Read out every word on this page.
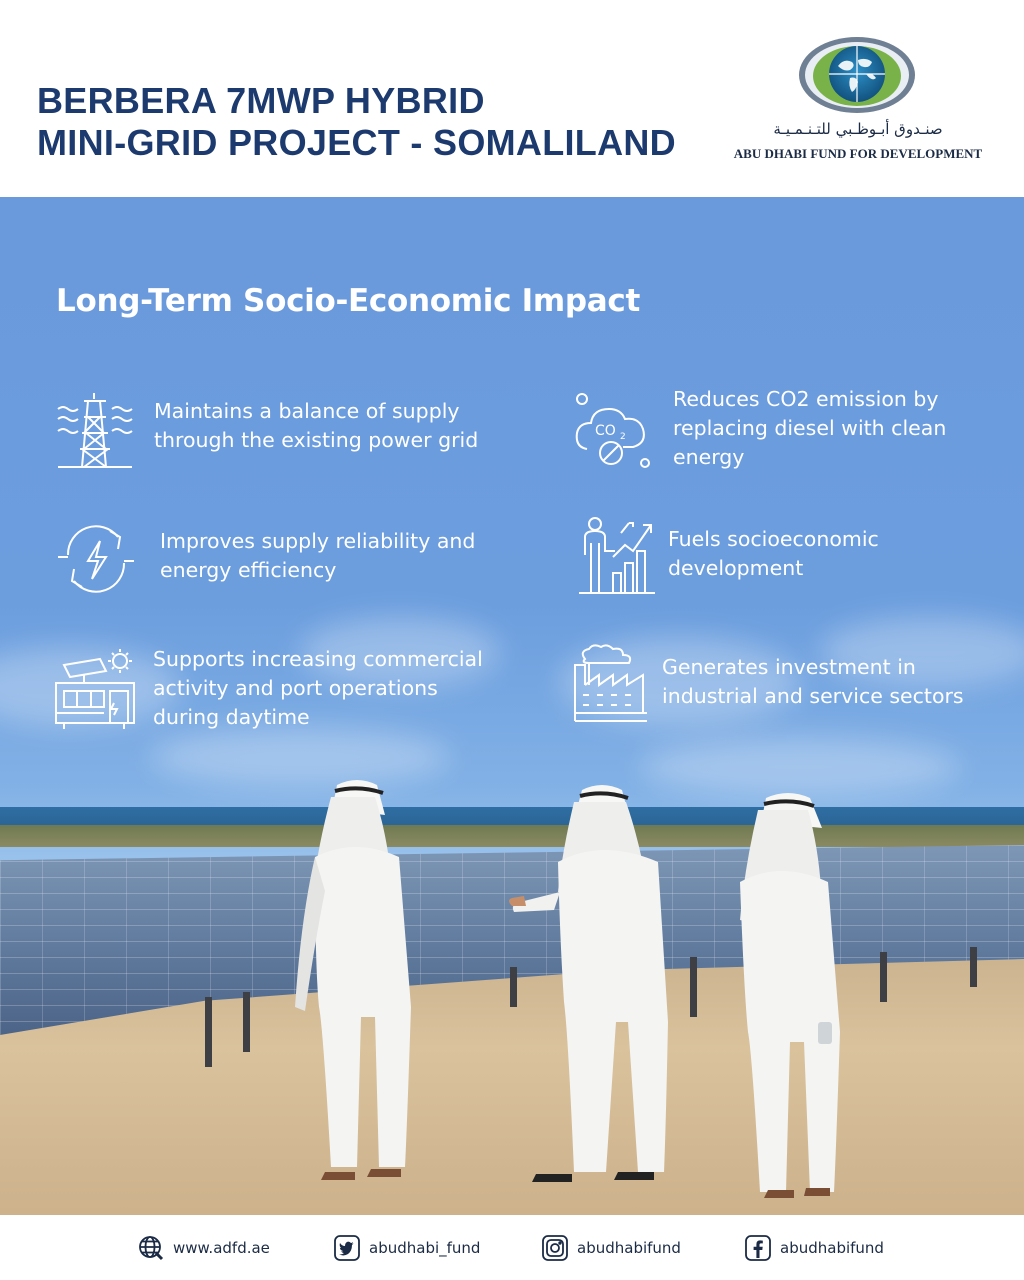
BERBERA 7MWP HYBRID
MINI-GRID PROJECT - SOMALILAND	صنـدوق أبـوظـبي للتـنـمـيـة
ABU DHABI FUND FOR DEVELOPMENT
Long-Term Socio-Economic Impact

Maintains a balance of supply
through the existing power grid	CO 2

Reduces CO2 emission by
replacing diesel with clean
energy

Improves supply reliability and
energy efficiency

Fuels socioeconomic
development

Supports increasing commercial
activity and port operations
during daytime

Generates investment in
industrial and service sectors

www.adfd.ae	abudhabi_fund	abudhabifund	abudhabifund
